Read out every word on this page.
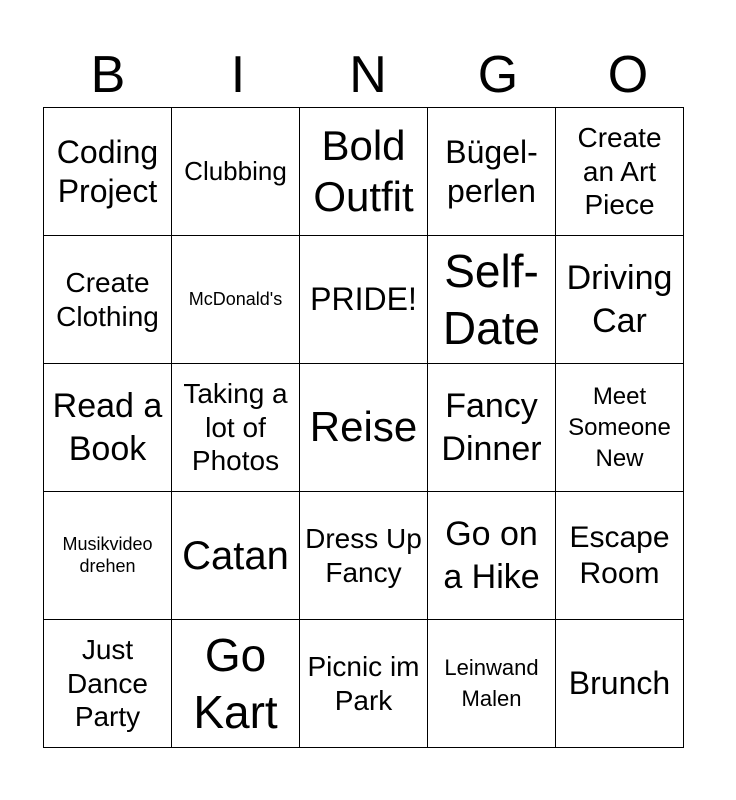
B	I	N	G	O
Coding Project	Clubbing	Bold Outfit	Bügel-perlen	Create an Art Piece
Create Clothing	McDonald's	PRIDE!	Self-Date	Driving Car
Read a Book	Taking a lot of Photos	Reise	Fancy Dinner	Meet Someone New
Musikvideo drehen	Catan	Dress Up Fancy	Go on a Hike	Escape Room
Just Dance Party	Go Kart	Picnic im Park	Leinwand Malen	Brunch
